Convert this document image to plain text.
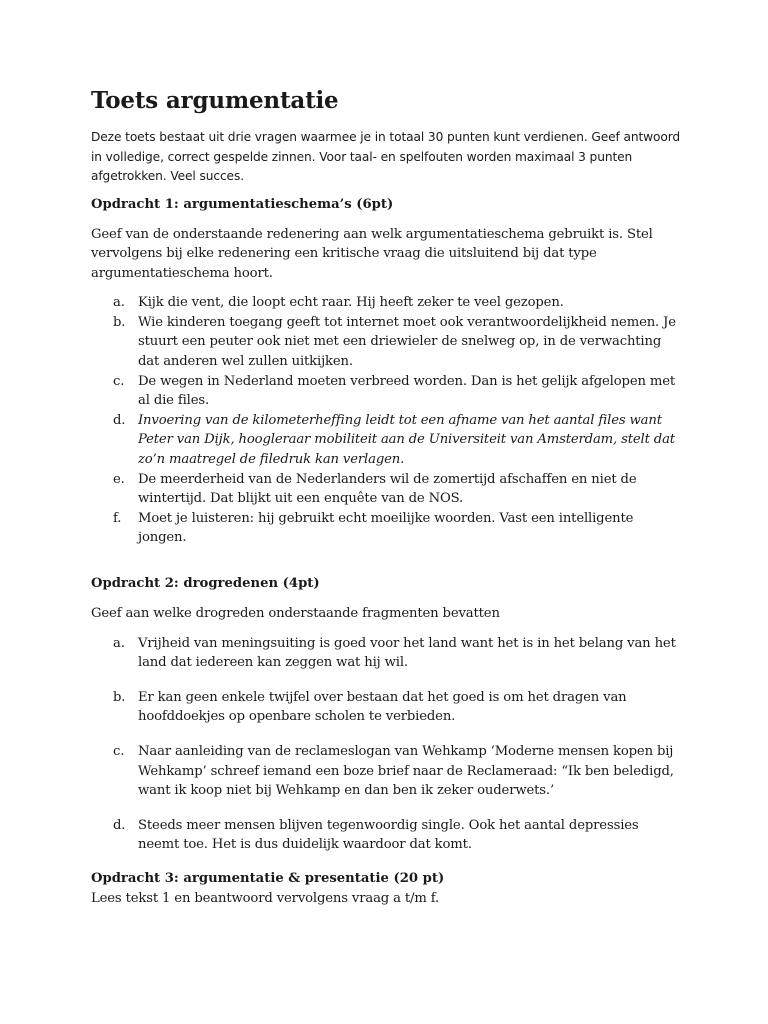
Toets argumentatie

Deze toets bestaat uit drie vragen waarmee je in totaal 30 punten kunt verdienen. Geef antwoord in volledige, correct gespelde zinnen. Voor taal- en spelfouten worden maximaal 3 punten afgetrokken. Veel succes.

Opdracht 1: argumentatieschema’s (6pt)

Geef van de onderstaande redenering aan welk argumentatieschema gebruikt is. Stel vervolgens bij elke redenering een kritische vraag die uitsluitend bij dat type argumentatieschema hoort.

a. Kijk die vent, die loopt echt raar. Hij heeft zeker te veel gezopen.
b. Wie kinderen toegang geeft tot internet moet ook verantwoordelijkheid nemen. Je stuurt een peuter ook niet met een driewieler de snelweg op, in de verwachting dat anderen wel zullen uitkijken.
c. De wegen in Nederland moeten verbreed worden. Dan is het gelijk afgelopen met al die files.
d. Invoering van de kilometerheffing leidt tot een afname van het aantal files want Peter van Dijk, hoogleraar mobiliteit aan de Universiteit van Amsterdam, stelt dat zo’n maatregel de filedruk kan verlagen.
e. De meerderheid van de Nederlanders wil de zomertijd afschaffen en niet de wintertijd. Dat blijkt uit een enquête van de NOS.
f. Moet je luisteren: hij gebruikt echt moeilijke woorden. Vast een intelligente jongen.

Opdracht 2: drogredenen (4pt)

Geef aan welke drogreden onderstaande fragmenten bevatten

a. Vrijheid van meningsuiting is goed voor het land want het is in het belang van het land dat iedereen kan zeggen wat hij wil.
b. Er kan geen enkele twijfel over bestaan dat het goed is om het dragen van hoofddoekjes op openbare scholen te verbieden.
c. Naar aanleiding van de reclameslogan van Wehkamp ‘Moderne mensen kopen bij Wehkamp’ schreef iemand een boze brief naar de Reclameraad: “Ik ben beledigd, want ik koop niet bij Wehkamp en dan ben ik zeker ouderwets.’
d. Steeds meer mensen blijven tegenwoordig single. Ook het aantal depressies neemt toe. Het is dus duidelijk waardoor dat komt.

Opdracht 3: argumentatie & presentatie (20 pt)

Lees tekst 1 en beantwoord vervolgens vraag a t/m f.
